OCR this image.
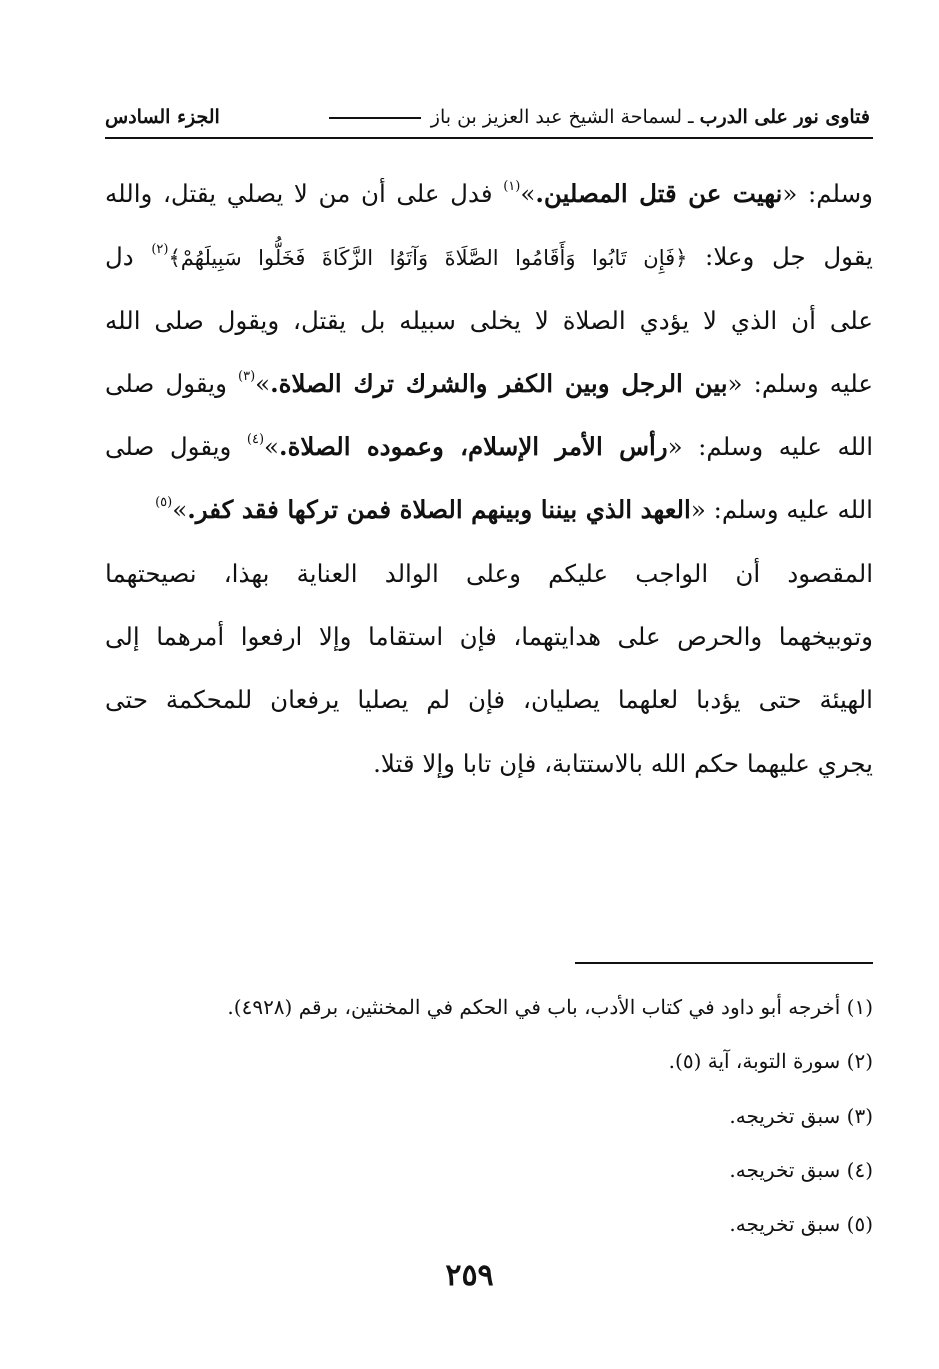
فتاوى نور على الدرب ـ لسماحة الشيخ عبد العزيز بن باز
الجزء السادس
وسلم: «نهيت عن قتل المصلين.»$^{(١)}$ فدل على أن من لا يصلي يقتل، والله
يقول جل وعلا: ﴿فَإِن تَابُوا وَأَقَامُوا الصَّلَاةَ وَآتَوُا الزَّكَاةَ فَخَلُّوا سَبِيلَهُمْ﴾$^{(٢)}$ دل
على أن الذي لا يؤدي الصلاة لا يخلى سبيله بل يقتل، ويقول صلى الله
عليه وسلم: «بين الرجل وبين الكفر والشرك ترك الصلاة.»$^{(٣)}$ ويقول صلى
الله عليه وسلم: «رأس الأمر الإسلام، وعموده الصلاة.»$^{(٤)}$ ويقول صلى
الله عليه وسلم: «العهد الذي بيننا وبينهم الصلاة فمن تركها فقد كفر.»$^{(٥)}$
المقصود أن الواجب عليكم وعلى الوالد العناية بهذا، نصيحتهما
وتوبيخهما والحرص على هدايتهما، فإن استقاما وإلا ارفعوا أمرهما إلى
الهيئة حتى يؤدبا لعلهما يصليان، فإن لم يصليا يرفعان للمحكمة حتى
يجري عليهما حكم الله بالاستتابة، فإن تابا وإلا قتلا.
(١) أخرجه أبو داود في كتاب الأدب، باب في الحكم في المخنثين، برقم (٤٩٢٨).
(٢) سورة التوبة، آية (٥).
(٣) سبق تخريجه.
(٤) سبق تخريجه.
(٥) سبق تخريجه.
٢٥٩
